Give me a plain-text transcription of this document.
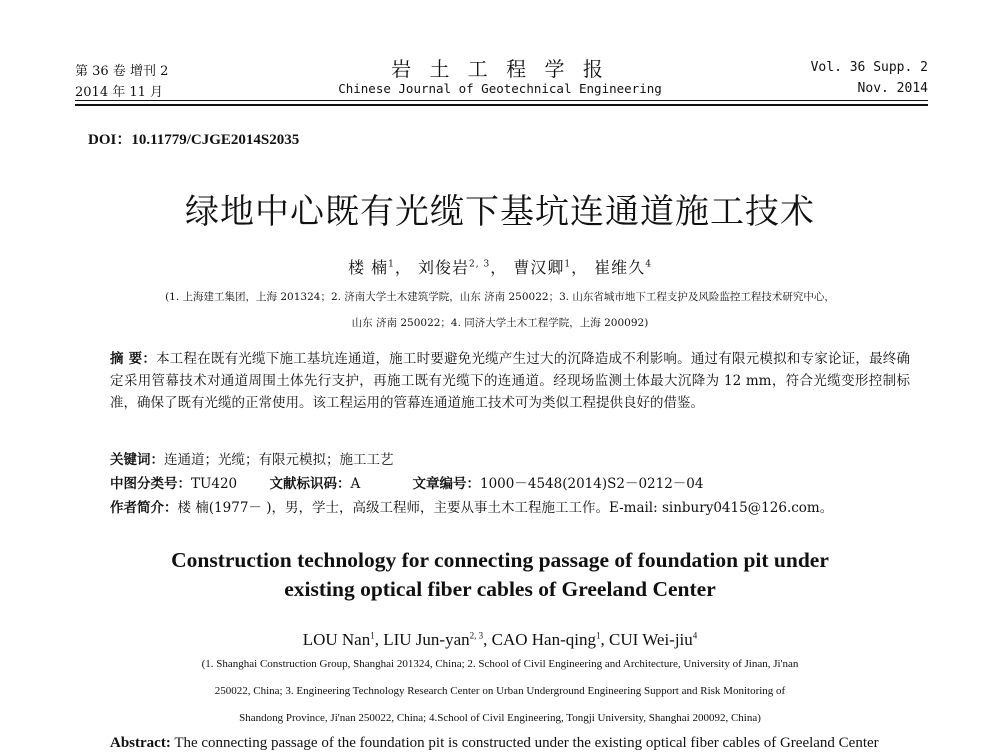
第 36 卷 增刊 2
2014 年 11 月
岩 土 工 程 学 报
Chinese Journal of Geotechnical Engineering
Vol. 36 Supp. 2
Nov. 2014
DOI：10.11779/CJGE2014S2035
绿地中心既有光缆下基坑连通道施工技术
楼 楠$^1$， 刘俊岩$^{2, 3}$， 曹汉卿$^1$， 崔维久$^4$
(1. 上海建工集团，上海 201324；2. 济南大学土木建筑学院，山东 济南 250022；3. 山东省城市地下工程支护及风险监控工程技术研究中心，
山东 济南 250022；4. 同济大学土木工程学院，上海 200092)

摘 要：本工程在既有光缆下施工基坑连通道，施工时要避免光缆产生过大的沉降造成不利影响。通过有限元模拟和专家论证，最终确定采用管幕技术对通道周围土体先行支护，再施工既有光缆下的连通道。经现场监测土体最大沉降为 12 mm，符合光缆变形控制标准，确保了既有光缆的正常使用。该工程运用的管幕连通道施工技术可为类似工程提供良好的借鉴。

关键词：连通道；光缆；有限元模拟；施工工艺

中图分类号：TU420 文献标识码：A	文章编号：1000－4548(2014)S2－0212－04

作者简介：楼 楠(1977－ )，男，学士，高级工程师，主要从事土木工程施工工作。E-mail: sinbury0415@126.com。

Construction technology for connecting passage of foundation pit under
existing optical fiber cables of Greeland Center
LOU Nan$^1$, LIU Jun-yan$^{2, 3}$, CAO Han-qing$^1$, CUI Wei-jiu$^4$
(1. Shanghai Construction Group, Shanghai 201324, China; 2. School of Civil Engineering and Architecture, University of Jinan, Ji'nan
250022, China; 3. Engineering Technology Research Center on Urban Underground Engineering Support and Risk Monitoring of
Shandong Province, Ji'nan 250022, China; 4.School of Civil Engineering, Tongji University, Shanghai 200092, China)

Abstract: The connecting passage of the foundation pit is constructed under the existing optical fiber cables of Greeland Center
